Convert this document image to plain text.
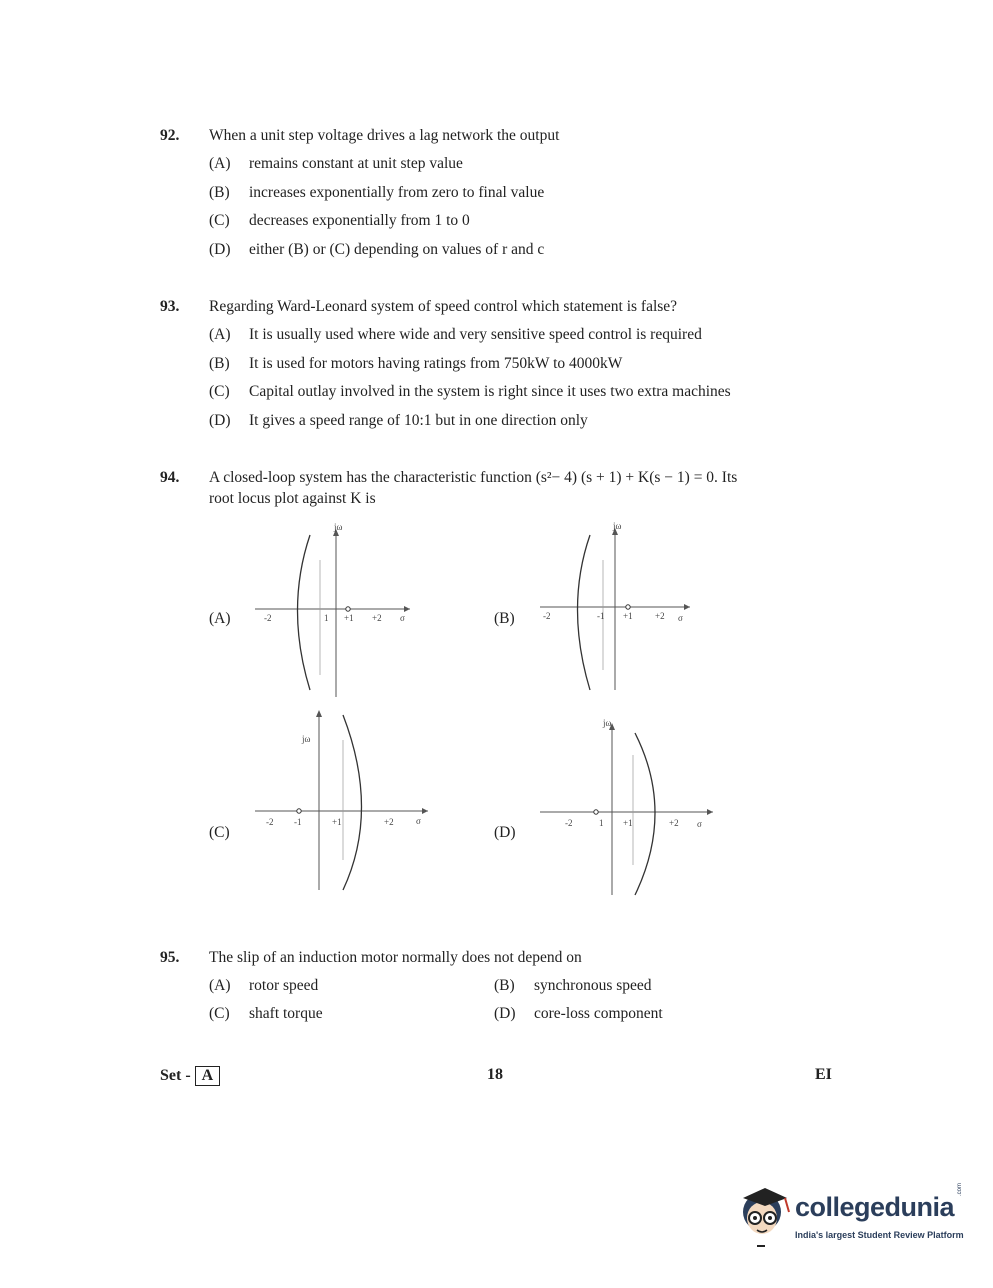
92. When a unit step voltage drives a lag network the output
(A) remains constant at unit step value
(B) increases exponentially from zero to final value
(C) decreases exponentially from 1 to 0
(D) either (B) or (C) depending on values of r and c
93. Regarding Ward-Leonard system of speed control which statement is false?
(A) It is usually used where wide and very sensitive speed control is required
(B) It is used for motors having ratings from 750kW to 4000kW
(C) Capital outlay involved in the system is right since it uses two extra machines
(D) It gives a speed range of 10:1 but in one direction only
94. A closed-loop system has the characteristic function (s²− 4) (s + 1) + K(s − 1) = 0. Its
root locus plot against K is
(A)
jω
σ
-2	1 +1 +2	(B)
jω
σ
-2	-1 +1 +2
(C)
jω
σ
-2 -1	+1	+2
(D)
jω
σ
-2	1 +1	+2
95. The slip of an induction motor normally does not depend on
(A) rotor speed	(B) synchronous speed
(C) shaft torque	(D) core-loss component
Set - A	18	EI
collegedunia
.com
India's largest Student Review Platform
